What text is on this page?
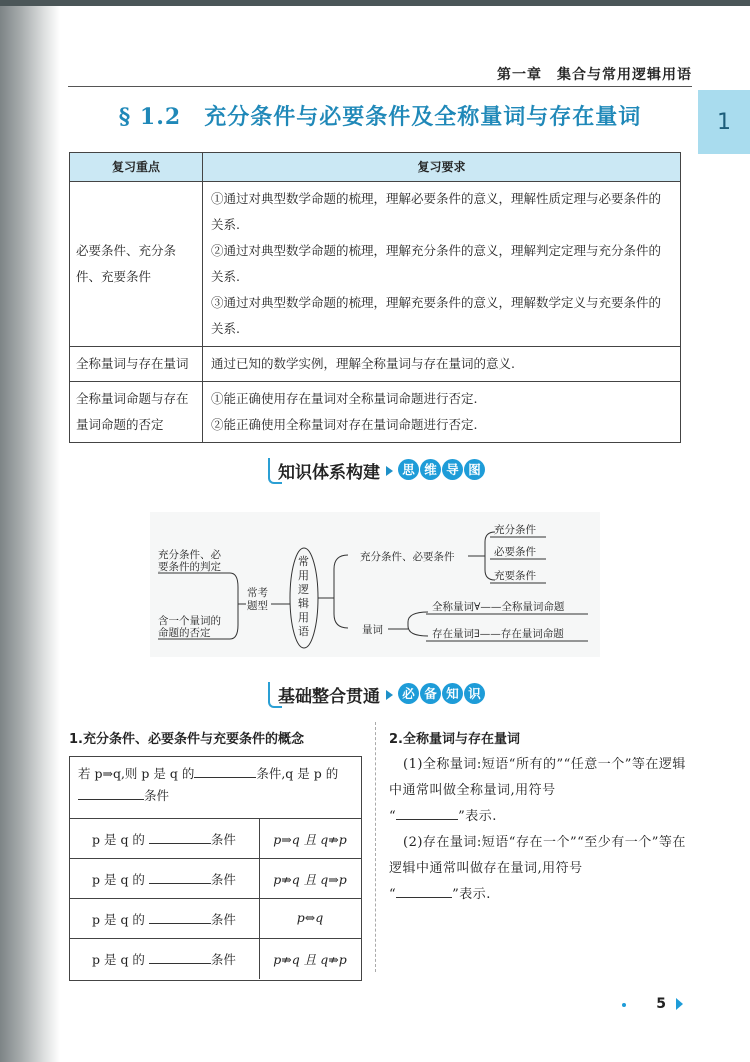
第一章　集合与常用逻辑用语
1
§ 1.2　充分条件与必要条件及全称量词与存在量词
复习重点	复习要求
必要条件、充分条件、充要条件	①通过对典型数学命题的梳理，理解必要条件的意义，理解性质定理与必要条件的关系.
②通过对典型数学命题的梳理，理解充分条件的意义，理解判定定理与充分条件的关系.
③通过对典型数学命题的梳理，理解充要条件的意义，理解数学定义与充要条件的关系.

全称量词与存在量词	通过已知的数学实例，理解全称量词与存在量词的意义.

全称量词命题与存在量词命题的否定	①能正确使用存在量词对全称量词命题进行否定.
②能正确使用全称量词对存在量词命题进行否定.
知识体系构建	思 维 导 图
充分条件、必
要条件的判定
含一个量词的
命题的否定
常考
题型
常
用
逻
辑
用
语
充分条件、必要条件
充分条件
必要条件
充要条件
量词
全称量词∀——全称量词命题
存在量词∃——存在量词命题
基础整合贯通	必 备 知 识
1.充分条件、必要条件与充要条件的概念
若 p⇒q,则 p 是 q 的	条件,q 是 p 的
条件
p 是 q 的	条件	p⇒q 且 q⇏p
p 是 q 的	条件	p⇏q 且 q⇒p
p 是 q 的	条件	p⇔q
p 是 q 的	条件	p⇏q 且 q⇏p
2.全称量词与存在量词

(1)全称量词:短语“所有的”“任意一个”等在逻辑中通常叫做全称量词,用符号
“	”表示.

(2)存在量词:短语“存在一个”“至少有一个”等在逻辑中通常叫做存在量词,用符号
“	”表示.

5
